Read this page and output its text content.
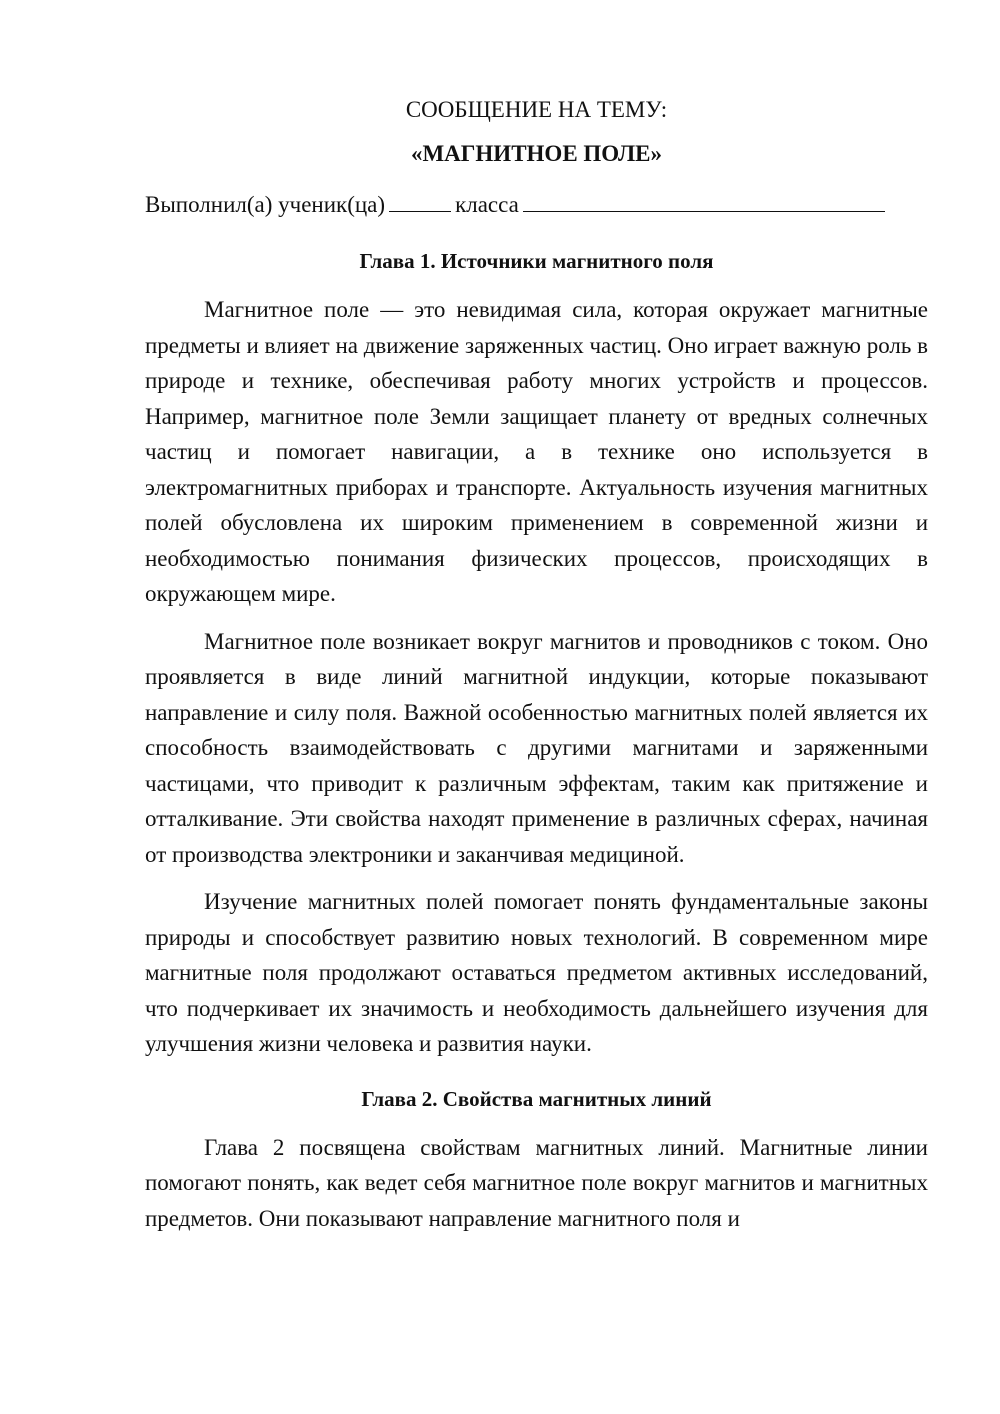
СООБЩЕНИЕ НА ТЕМУ:

«МАГНИТНОЕ ПОЛЕ»

Выполнил(а) ученик(ца)	класса
Глава 1. Источники магнитного поля

Магнитное поле — это невидимая сила, которая окружает магнитные предметы и влияет на движение заряженных частиц. Оно играет важную роль в природе и технике, обеспечивая работу многих устройств и процессов. Например, магнитное поле Земли защищает планету от вредных солнечных частиц и помогает навигации, а в технике оно используется в электромагнитных приборах и транспорте. Актуальность изучения магнитных полей обусловлена их широким применением в современной жизни и необходимостью понимания физических процессов, происходящих в окружающем мире.

Магнитное поле возникает вокруг магнитов и проводников с током. Оно проявляется в виде линий магнитной индукции, которые показывают направление и силу поля. Важной особенностью магнитных полей является их способность взаимодействовать с другими магнитами и заряженными частицами, что приводит к различным эффектам, таким как притяжение и отталкивание. Эти свойства находят применение в различных сферах, начиная от производства электроники и заканчивая медициной.

Изучение магнитных полей помогает понять фундаментальные законы природы и способствует развитию новых технологий. В современном мире магнитные поля продолжают оставаться предметом активных исследований, что подчеркивает их значимость и необходимость дальнейшего изучения для улучшения жизни человека и развития науки.

Глава 2. Свойства магнитных линий

Глава 2 посвящена свойствам магнитных линий. Магнитные линии помогают понять, как ведет себя магнитное поле вокруг магнитов и магнитных предметов. Они показывают направление магнитного поля и
